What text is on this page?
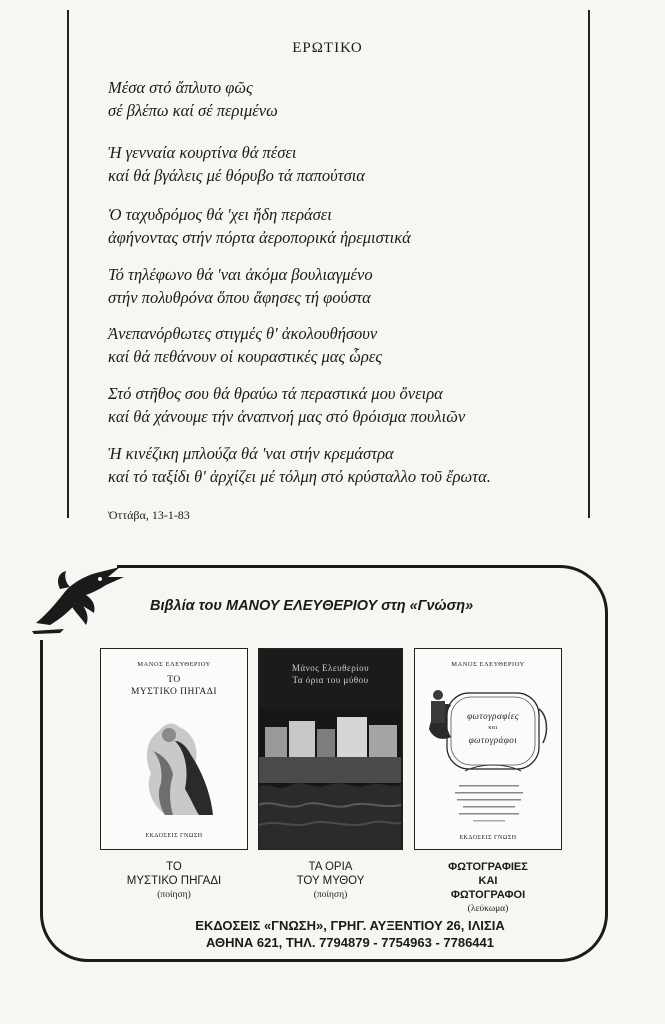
ΕΡΩΤΙΚΟ
Μέσα στό ἄπλυτο φῶς
σέ βλέπω καί σέ περιμένω
Ἡ γενναία κουρτίνα θά πέσει
καί θά βγάλεις μέ θόρυβο τά παπούτσια
Ὁ ταχυδρόμος θά 'χει ἤδη περάσει
ἀφήνοντας στήν πόρτα ἀεροπορικά ἠρεμιστικά
Τό τηλέφωνο θά 'ναι ἀκόμα βουλιαγμένο
στήν πολυθρόνα ὅπου ἄφησες τή φούστα
Ἀνεπανόρθωτες στιγμές θ' ἀκολουθήσουν
καί θά πεθάνουν οἱ κουραστικές μας ὧρες
Στό στῆθος σου θά θραύω τά περαστικά μου ὄνειρα
καί θά χάνουμε τήν ἀναπνοή μας στό θρόισμα πουλιῶν
Ἡ κινέζικη μπλούζα θά 'ναι στήν κρεμάστρα
καί τό ταξίδι θ' ἀρχίζει μέ τόλμη στό κρύσταλλο τοῦ ἔρωτα.
Ὀττάβα, 13-1-83
Βιβλία του ΜΑΝΟΥ ΕΛΕΥΘΕΡΙΟΥ στη «Γνώση»
ΜΑΝΟΣ ΕΛΕΥΘΕΡΙΟΥ
ΤΟ
ΜΥΣΤΙΚΟ ΠΗΓΑΔΙ
ΕΚΔΟΣΕΙΣ ΓΝΩΣΗ
Μάνος Ελευθερίου
Τα όρια του μύθου
ΜΑΝΟΣ ΕΛΕΥΘΕΡΙΟΥ
φωτογραφίες
και
φωτογράφοι
ΕΚΔΟΣΕΙΣ ΓΝΩΣΗ
ΤΟ
ΜΥΣΤΙΚΟ ΠΗΓΑΔΙ
(ποίηση)
ΤΑ ΟΡΙΑ
ΤΟΥ ΜΥΘΟΥ
(ποίηση)
ΦΩΤΟΓΡΑΦΙΕΣ
ΚΑΙ
ΦΩΤΟΓΡΑΦΟΙ
(λεύκωμα)
ΕΚΔΟΣΕΙΣ «ΓΝΩΣΗ», ΓΡΗΓ. ΑΥΞΕΝΤΙΟΥ 26, ΙΛΙΣΙΑ
ΑΘΗΝΑ 621, ΤΗΛ. 7794879 - 7754963 - 7786441
